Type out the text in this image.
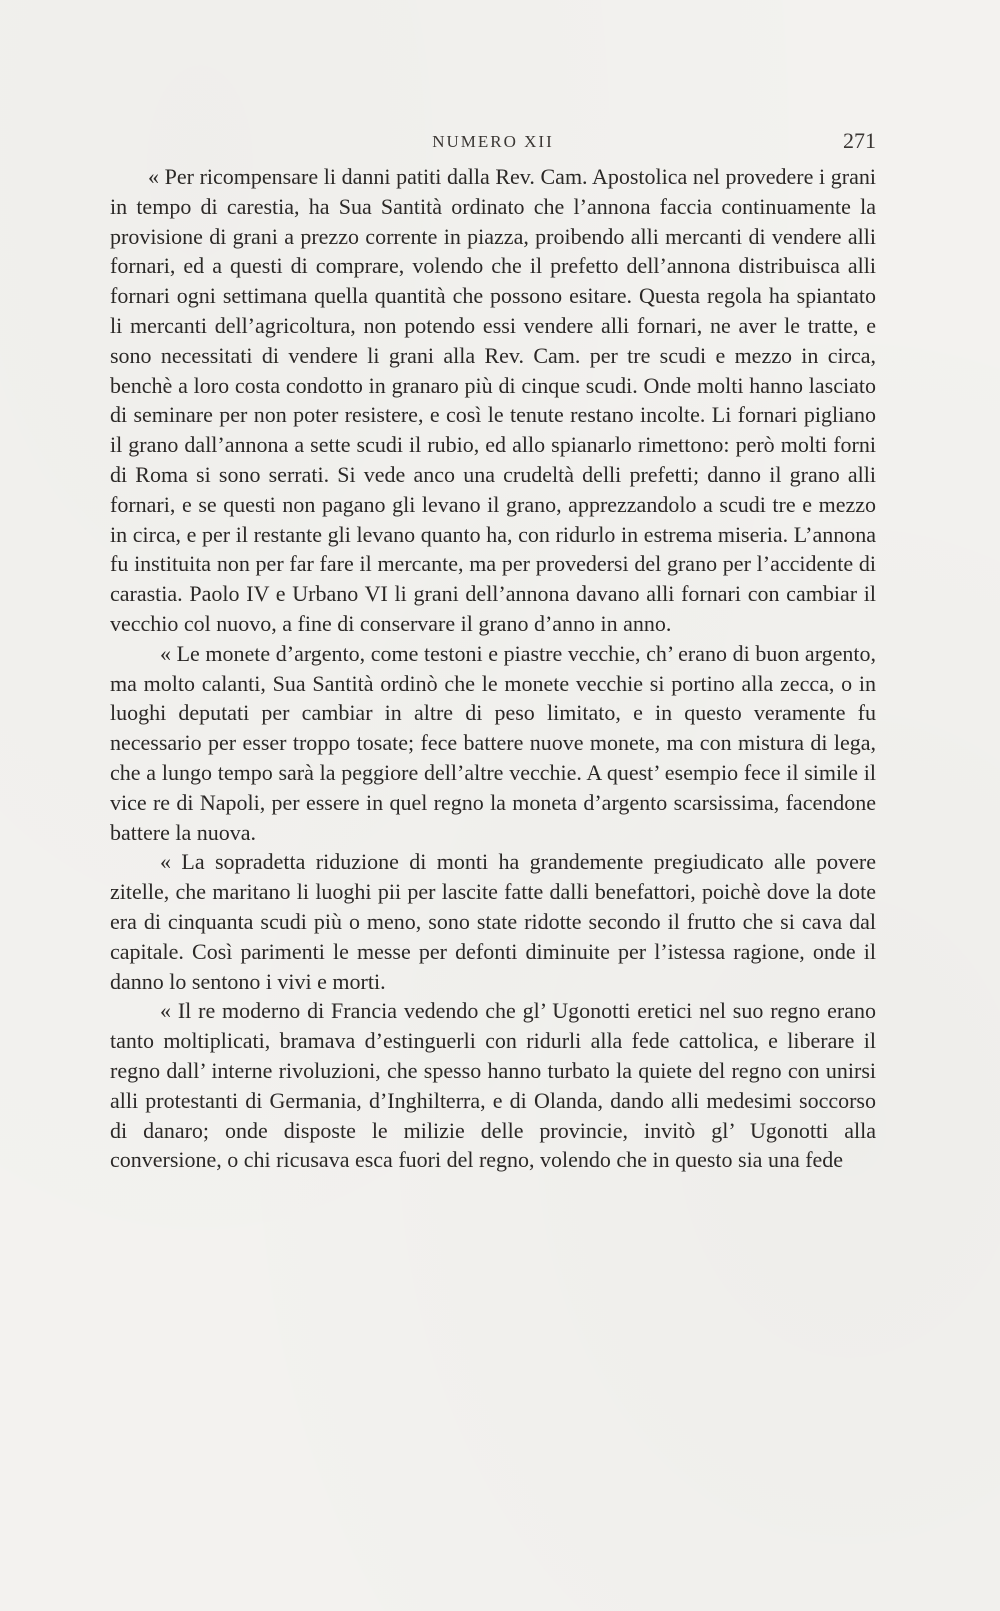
NUMERO XII	271

« Per ricompensare li danni patiti dalla Rev. Cam. Apostolica nel provedere i grani in tempo di carestia, ha Sua Santità ordinato che l’annona faccia continuamente la provisione di grani a prezzo corrente in piazza, proibendo alli mercanti di vendere alli fornari, ed a questi di comprare, volendo che il prefetto dell’annona distribuisca alli fornari ogni settimana quella quantità che possono esitare. Questa regola ha spiantato li mercanti dell’agricoltura, non potendo essi vendere alli fornari, ne aver le tratte, e sono necessitati di vendere li grani alla Rev. Cam. per tre scudi e mezzo in circa, benchè a loro costa condotto in granaro più di cinque scudi. Onde molti hanno lasciato di seminare per non poter resistere, e così le tenute restano incolte. Li fornari pigliano il grano dall’annona a sette scudi il rubio, ed allo spianarlo rimettono: però molti forni di Roma si sono serrati. Si vede anco una crudeltà delli prefetti; danno il grano alli fornari, e se questi non pagano gli levano il grano, apprezzandolo a scudi tre e mezzo in circa, e per il restante gli levano quanto ha, con ridurlo in estrema miseria. L’annona fu instituita non per far fare il mercante, ma per provedersi del grano per l’accidente di carastia. Paolo IV e Urbano VI li grani dell’annona davano alli fornari con cambiar il vecchio col nuovo, a fine di conservare il grano d’anno in anno.

« Le monete d’argento, come testoni e piastre vecchie, ch’ erano di buon argento, ma molto calanti, Sua Santità ordinò che le monete vecchie si portino alla zecca, o in luoghi deputati per cambiar in altre di peso limitato, e in questo veramente fu necessario per esser troppo tosate; fece battere nuove monete, ma con mistura di lega, che a lungo tempo sarà la peggiore dell’altre vecchie. A quest’ esempio fece il simile il vice re di Napoli, per essere in quel regno la moneta d’argento scarsissima, facendone battere la nuova.

« La sopradetta riduzione di monti ha grandemente pregiudicato alle povere zitelle, che maritano li luoghi pii per lascite fatte dalli benefattori, poichè dove la dote era di cinquanta scudi più o meno, sono state ridotte secondo il frutto che si cava dal capitale. Così parimenti le messe per defonti diminuite per l’istessa ragione, onde il danno lo sentono i vivi e morti.

« Il re moderno di Francia vedendo che gl’ Ugonotti eretici nel suo regno erano tanto moltiplicati, bramava d’estinguerli con ridurli alla fede cattolica, e liberare il regno dall’ interne rivoluzioni, che spesso hanno turbato la quiete del regno con unirsi alli protestanti di Germania, d’Inghilterra, e di Olanda, dando alli medesimi soccorso di danaro; onde disposte le milizie delle provincie, invitò gl’ Ugonotti alla conversione, o chi ricusava esca fuori del regno, volendo che in questo sia una fede
